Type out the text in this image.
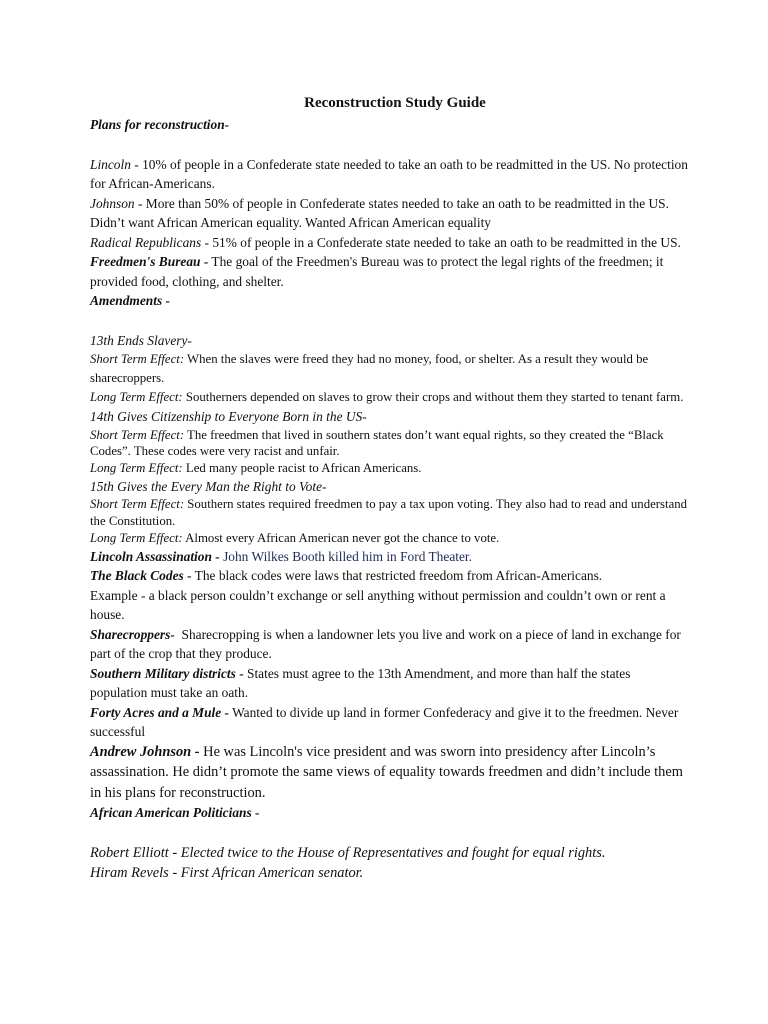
Reconstruction Study Guide
Plans for reconstruction-
Lincoln - 10% of people in a Confederate state needed to take an oath to be readmitted in the US. No protection for African-Americans.
Johnson - More than 50% of people in Confederate states needed to take an oath to be readmitted in the US. Didn’t want African American equality. Wanted African American equality
Radical Republicans - 51% of people in a Confederate state needed to take an oath to be readmitted in the US.
Freedmen's Bureau - The goal of the Freedmen's Bureau was to protect the legal rights of the freedmen; it provided food, clothing, and shelter.
Amendments -
13th Ends Slavery-
Short Term Effect: When the slaves were freed they had no money, food, or shelter. As a result they would be sharecroppers.
Long Term Effect: Southerners depended on slaves to grow their crops and without them they started to tenant farm.
14th Gives Citizenship to Everyone Born in the US-
Short Term Effect: The freedmen that lived in southern states don’t want equal rights, so they created the “Black Codes”. These codes were very racist and unfair.
Long Term Effect: Led many people racist to African Americans.
15th Gives the Every Man the Right to Vote-
Short Term Effect: Southern states required freedmen to pay a tax upon voting. They also had to read and understand the Constitution.
Long Term Effect: Almost every African American never got the chance to vote.
Lincoln Assassination - John Wilkes Booth killed him in Ford Theater.
The Black Codes - The black codes were laws that restricted freedom from African-Americans.
Example - a black person couldn’t exchange or sell anything without permission and couldn’t own or rent a house.
Sharecroppers-  Sharecropping is when a landowner lets you live and work on a piece of land in exchange for part of the crop that they produce.
Southern Military districts - States must agree to the 13th Amendment, and more than half the states population must take an oath.
Forty Acres and a Mule - Wanted to divide up land in former Confederacy and give it to the freedmen. Never successful
Andrew Johnson - He was Lincoln's vice president and was sworn into presidency after Lincoln’s assassination. He didn’t promote the same views of equality towards freedmen and didn’t include them in his plans for reconstruction.
African American Politicians -
Robert Elliott - Elected twice to the House of Representatives and fought for equal rights.
Hiram Revels - First African American senator.
